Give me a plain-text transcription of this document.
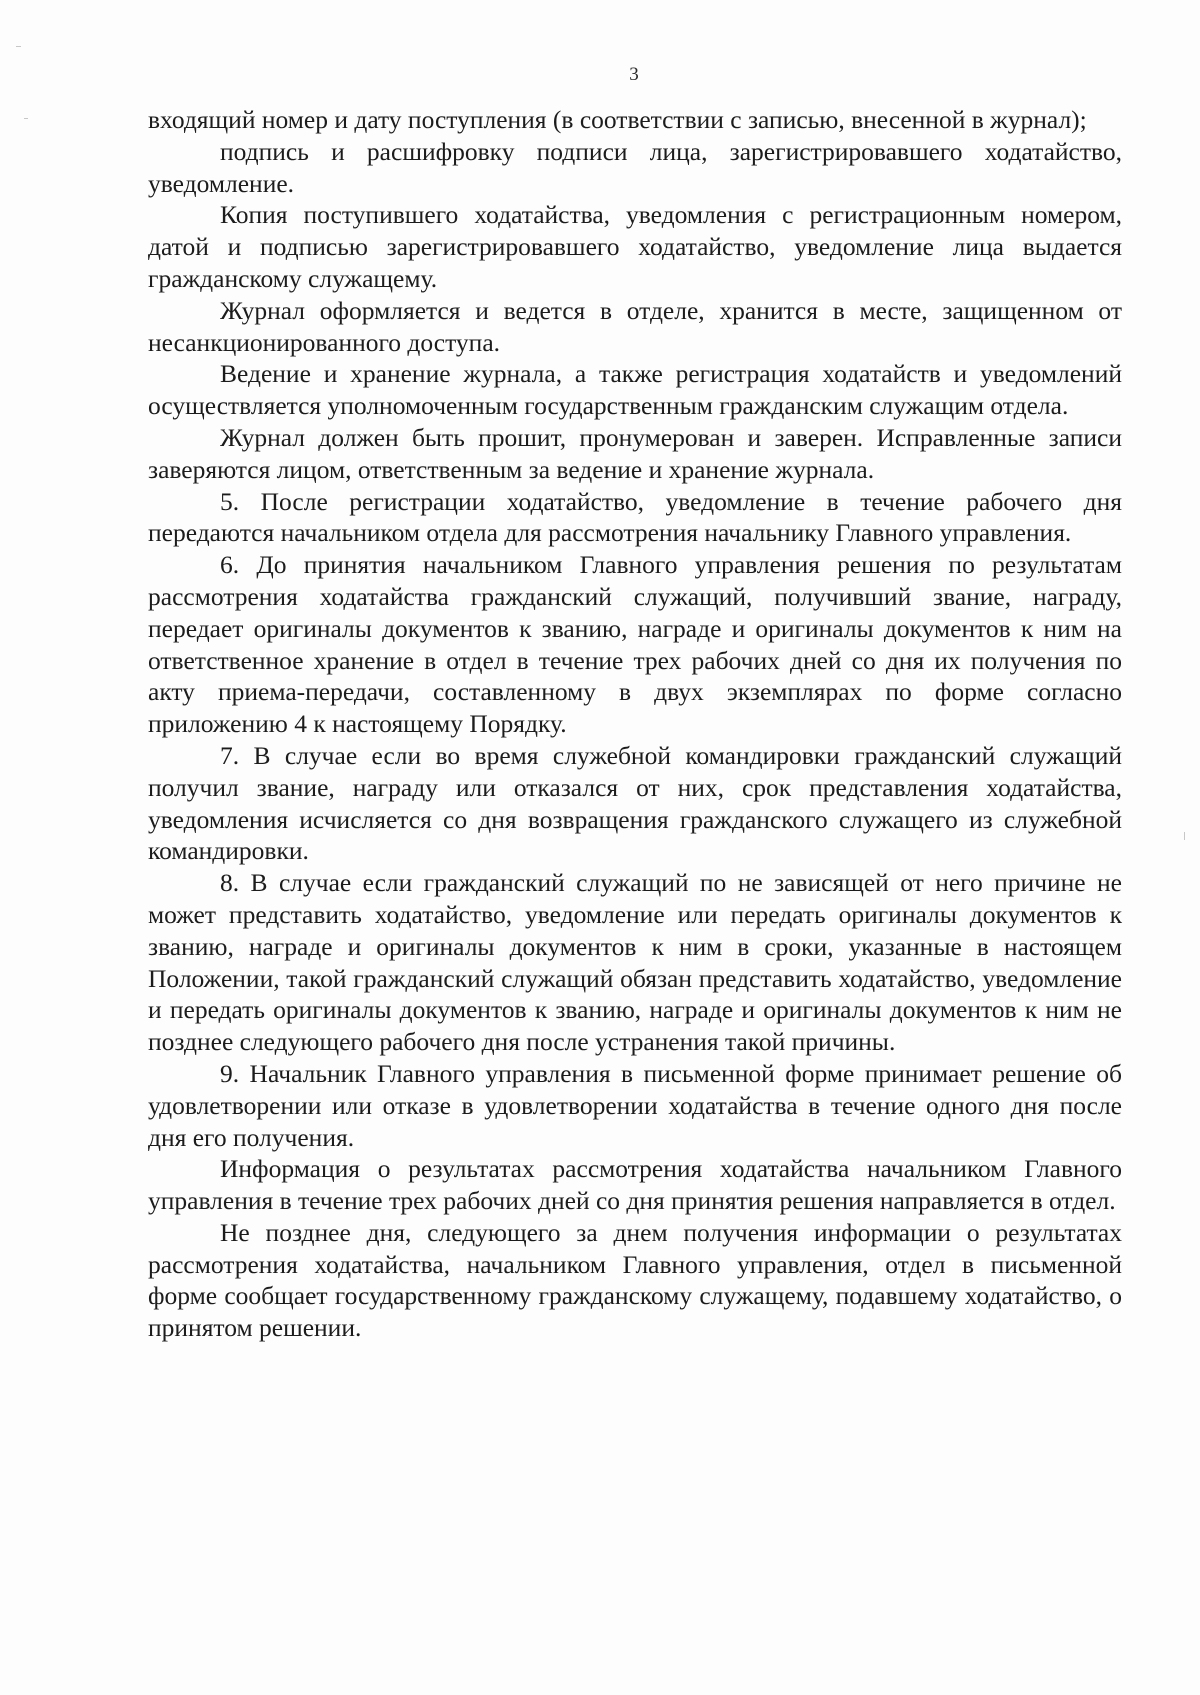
3

входящий номер и дату поступления (в соответствии с записью, внесенной в журнал);

подпись и расшифровку подписи лица, зарегистрировавшего ходатайство, уведомление.

Копия поступившего ходатайства, уведомления с регистрационным номером, датой и подписью зарегистрировавшего ходатайство, уведомление лица выдается гражданскому служащему.

Журнал оформляется и ведется в отделе, хранится в месте, защищенном от несанкционированного доступа.

Ведение и хранение журнала, а также регистрация ходатайств и уведомлений осуществляется уполномоченным государственным гражданским служащим отдела.

Журнал должен быть прошит, пронумерован и заверен. Исправленные записи заверяются лицом, ответственным за ведение и хранение журнала.

5. После регистрации ходатайство, уведомление в течение рабочего дня передаются начальником отдела для рассмотрения начальнику Главного управления.

6. До принятия начальником Главного управления решения по результатам рассмотрения ходатайства гражданский служащий, получивший звание, награду, передает оригиналы документов к званию, награде и оригиналы документов к ним на ответственное хранение в отдел в течение трех рабочих дней со дня их получения по акту приема-передачи, составленному в двух экземплярах по форме согласно приложению 4 к настоящему Порядку.

7. В случае если во время служебной командировки гражданский служащий получил звание, награду или отказался от них, срок представления ходатайства, уведомления исчисляется со дня возвращения гражданского служащего из служебной командировки.

8. В случае если гражданский служащий по не зависящей от него причине не может представить ходатайство, уведомление или передать оригиналы документов к званию, награде и оригиналы документов к ним в сроки, указанные в настоящем Положении, такой гражданский служащий обязан представить ходатайство, уведомление и передать оригиналы документов к званию, награде и оригиналы документов к ним не позднее следующего рабочего дня после устранения такой причины.

9. Начальник Главного управления в письменной форме принимает решение об удовлетворении или отказе в удовлетворении ходатайства в течение одного дня после дня его получения.

Информация о результатах рассмотрения ходатайства начальником Главного управления в течение трех рабочих дней со дня принятия решения направляется в отдел.

Не позднее дня, следующего за днем получения информации о результатах рассмотрения ходатайства, начальником Главного управления, отдел в письменной форме сообщает государственному гражданскому служащему, подавшему ходатайство, о принятом решении.
